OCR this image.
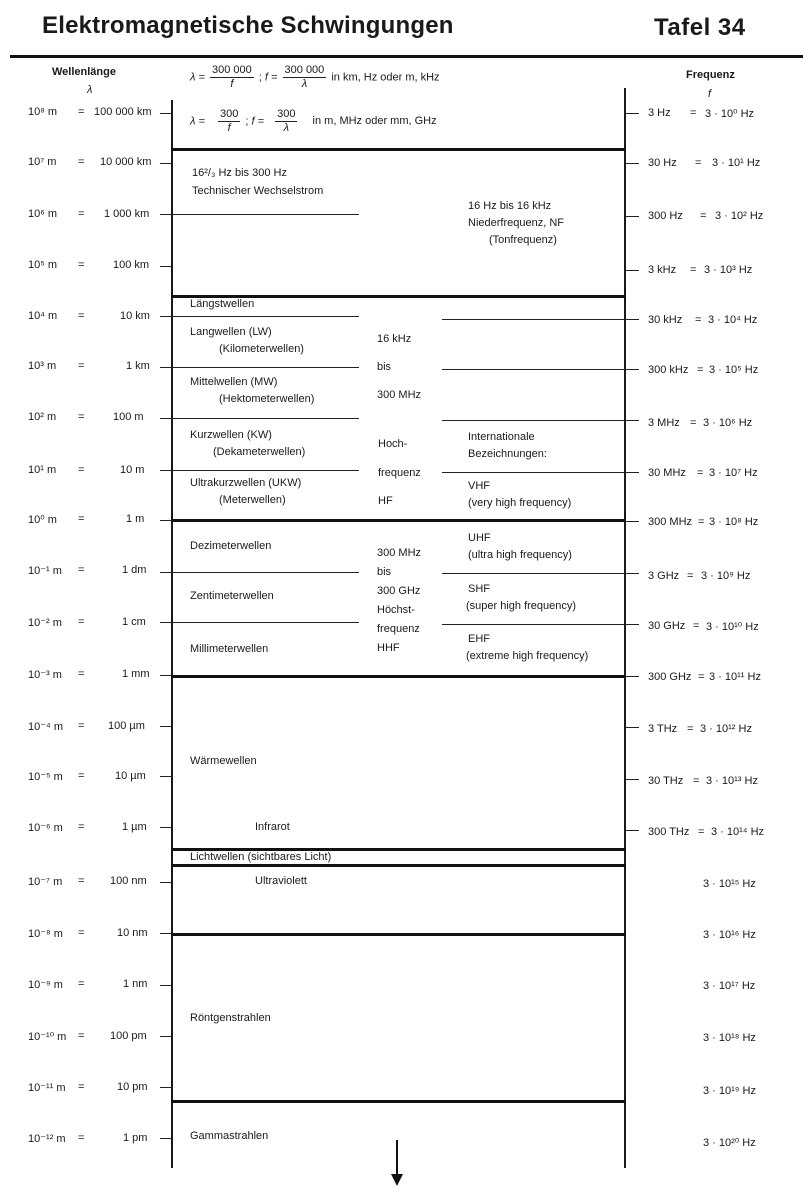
Elektromagnetische Schwingungen	Tafel 34
Wellenlänge
λ
Frequenz
f
$\lambda = \frac{300 000}{f}$ ; $f = \frac{300 000}{\lambda}$ in km, Hz oder m, kHz
$\lambda = \frac{300}{f}$ ; $f = \frac{300}{\lambda}$ in m, MHz oder mm, GHz
10⁸ m = 100 000 km
10⁷ m = 10 000 km
10⁶ m = 1 000 km
10⁵ m =	100 km
10⁴ m =	10 km
10³ m =	1 km
10² m =	100 m
10¹ m =	10 m
10⁰ m =	1 m
10⁻¹ m =	1 dm
10⁻² m =	1 cm
10⁻³ m =	1 mm
10⁻⁴ m = 100 µm
10⁻⁵ m =	10 µm
10⁻⁶ m =	1 µm
10⁻⁷ m = 100 nm
10⁻⁸ m =	10 nm
10⁻⁹ m =	1 nm
10⁻¹⁰ m = 100 pm
10⁻¹¹ m =	10 pm
10⁻¹² m =	1 pm
3 Hz = 3 · 10⁰ Hz
30 Hz = 3 · 10¹ Hz
300 Hz = 3 · 10² Hz
3 kHz = 3 · 10³ Hz
30 kHz = 3 · 10⁴ Hz
300 kHz = 3 · 10⁵ Hz
3 MHz = 3 · 10⁶ Hz
30 MHz = 3 · 10⁷ Hz
300 MHz = 3 · 10⁸ Hz
3 GHz = 3 · 10⁹ Hz
30 GHz = 3 · 10¹⁰ Hz
300 GHz = 3 · 10¹¹ Hz
3 THz = 3 · 10¹² Hz
30 THz = 3 · 10¹³ Hz
300 THz = 3 · 10¹⁴ Hz
3 · 10¹⁵ Hz
3 · 10¹⁶ Hz
3 · 10¹⁷ Hz
3 · 10¹⁸ Hz
3 · 10¹⁹ Hz
3 · 10²⁰ Hz
16²/₃ Hz bis 300 Hz
Technischer Wechselstrom
16 Hz bis 16 kHz
Niederfrequenz, NF
(Tonfrequenz)
Längstwellen
Langwellen (LW)
(Kilometerwellen)
Mittelwellen (MW)
(Hektometerwellen)
Kurzwellen (KW)
(Dekameterwellen)
Ultrakurzwellen (UKW)
(Meterwellen)
16 kHz
bis
300 MHz
Hoch-
frequenz
HF
Internationale
Bezeichnungen:
VHF
(very high frequency)
Dezimeterwellen
Zentimeterwellen
Millimeterwellen
300 MHz
bis
300 GHz
Höchst-
frequenz
HHF
UHF
(ultra high frequency)
SHF
(super high frequency)
EHF
(extreme high frequency)
Wärmewellen
Infrarot
Lichtwellen (sichtbares Licht)
Ultraviolett
Röntgenstrahlen
Gammastrahlen
